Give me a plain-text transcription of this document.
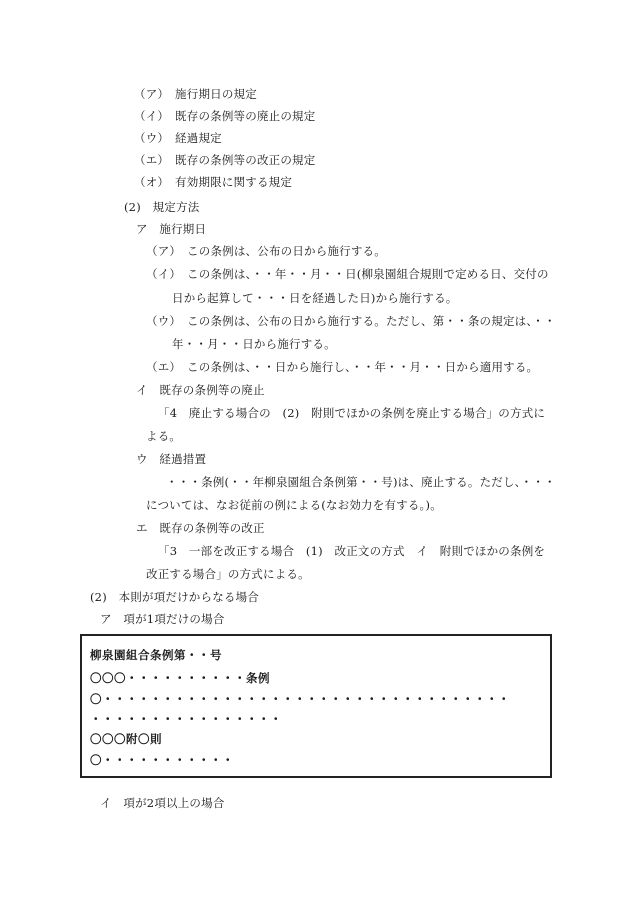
（ア）　施行期日の規定
（イ）　既存の条例等の廃止の規定
（ウ）　経過規定
（エ）　既存の条例等の改正の規定
（オ）　有効期限に関する規定
(2)　規定方法
ア　施行期日
（ア）　この条例は、公布の日から施行する。
（イ）　この条例は、・・年・・月・・日(柳泉園組合規則で定める日、交付の
日から起算して・・・日を経過した日)から施行する。
（ウ）　この条例は、公布の日から施行する。ただし、第・・条の規定は、・・
年・・月・・日から施行する。
（エ）　この条例は、・・日から施行し、・・年・・月・・日から適用する。
イ　既存の条例等の廃止
「4　廃止する場合の　(2)　附則でほかの条例を廃止する場合」の方式に
よる。
ウ　経過措置
・・・条例(・・年柳泉園組合条例第・・号)は、廃止する。ただし、・・・
については、なお従前の例による(なお効力を有する。)。
エ　既存の条例等の改正
「3　一部を改正する場合　(1)　改正文の方式　イ　附則でほかの条例を
改正する場合」の方式による。
(2)　本則が項だけからなる場合
ア　項が1項だけの場合
柳泉園組合条例第・・号
〇〇〇・・・・・・・・・・条例
〇・・・・・・・・・・・・・・・・・・・・・・・・・・・・・・・・・・
・・・・・・・・・・・・・・・・
〇〇〇附〇則
〇・・・・・・・・・・・
イ　項が2項以上の場合
